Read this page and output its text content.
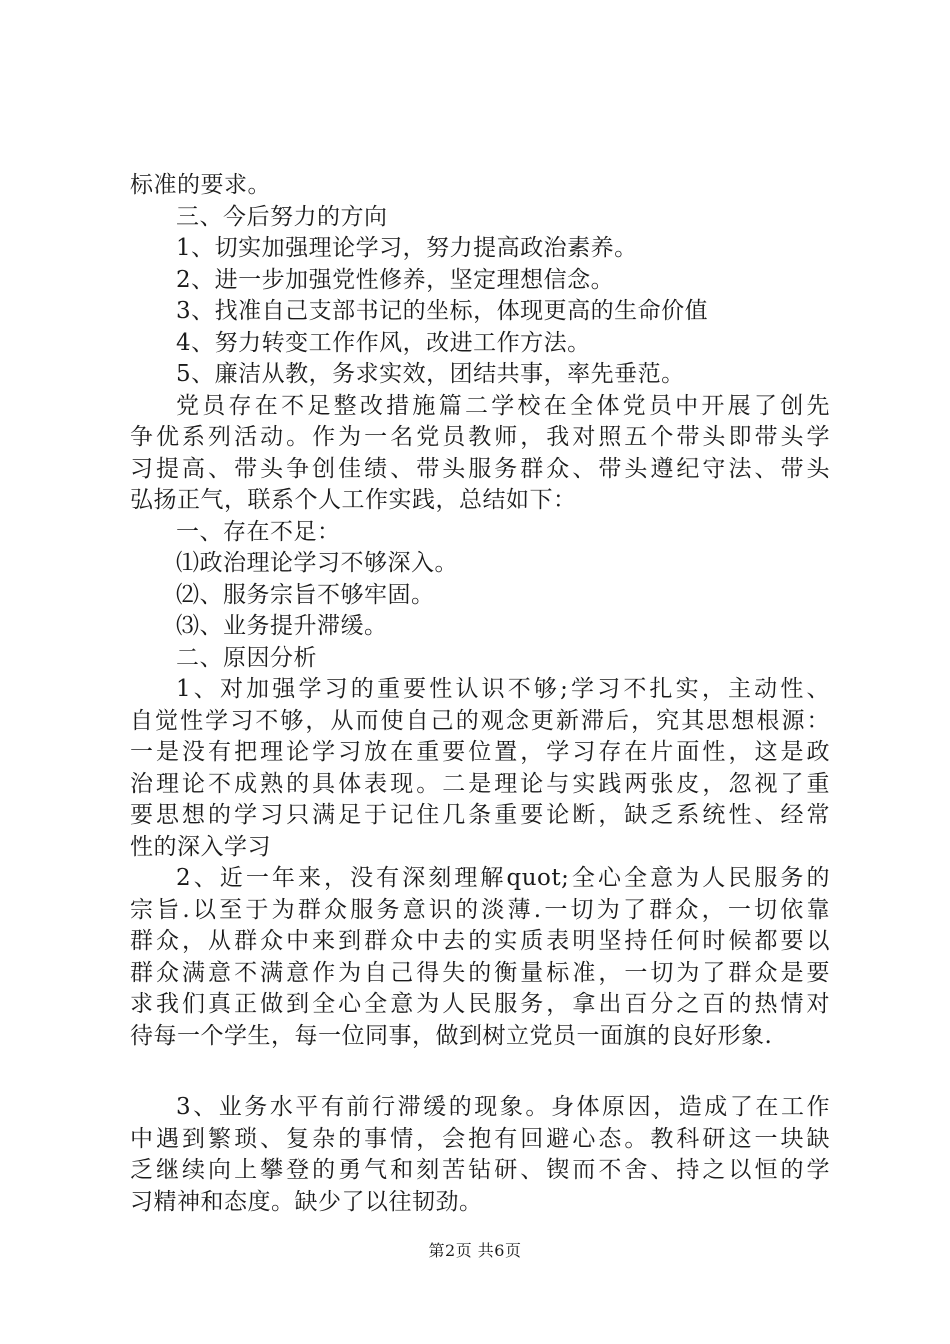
标准的要求。
三、今后努力的方向
1、切实加强理论学习，努力提高政治素养。
2、进一步加强党性修养，坚定理想信念。
3、找准自己支部书记的坐标，体现更高的生命价值
4、努力转变工作作风，改进工作方法。
5、廉洁从教，务求实效，团结共事，率先垂范。
党员存在不足整改措施篇二学校在全体党员中开展了创先
争优系列活动。作为一名党员教师，我对照五个带头即带头学
习提高、带头争创佳绩、带头服务群众、带头遵纪守法、带头
弘扬正气，联系个人工作实践，总结如下：
一、存在不足：
⑴政治理论学习不够深入。
⑵、服务宗旨不够牢固。
⑶、业务提升滞缓。
二、原因分析
1、对加强学习的重要性认识不够;学习不扎实，主动性、
自觉性学习不够，从而使自己的观念更新滞后，究其思想根源：
一是没有把理论学习放在重要位置，学习存在片面性，这是政
治理论不成熟的具体表现。二是理论与实践两张皮，忽视了重
要思想的学习只满足于记住几条重要论断，缺乏系统性、经常
性的深入学习
2、近一年来，没有深刻理解quot;全心全意为人民服务的
宗旨.以至于为群众服务意识的淡薄.一切为了群众，一切依靠
群众，从群众中来到群众中去的实质表明坚持任何时候都要以
群众满意不满意作为自己得失的衡量标准，一切为了群众是要
求我们真正做到全心全意为人民服务，拿出百分之百的热情对
待每一个学生，每一位同事，做到树立党员一面旗的良好形象.
3、业务水平有前行滞缓的现象。身体原因，造成了在工作
中遇到繁琐、复杂的事情，会抱有回避心态。教科研这一块缺
乏继续向上攀登的勇气和刻苦钻研、锲而不舍、持之以恒的学
习精神和态度。缺少了以往韧劲。
第2页 共6页
